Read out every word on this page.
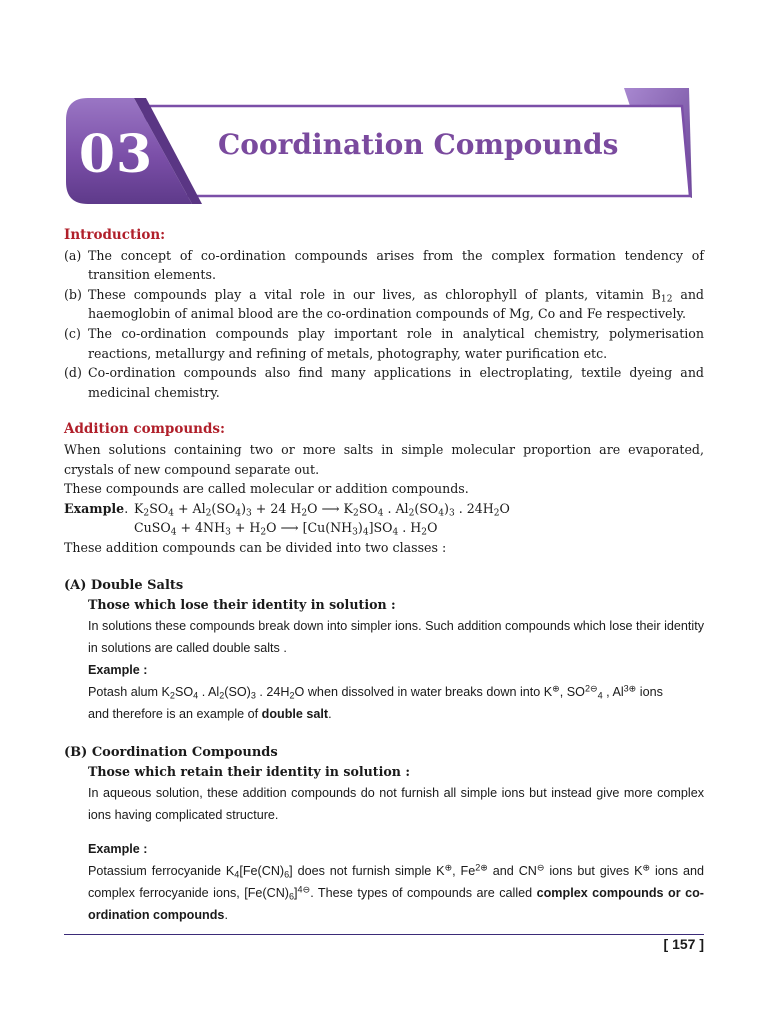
03 Coordination Compounds

Introduction:

(a) The concept of co-ordination compounds arises from the complex formation tendency of transition elements.
(b) These compounds play a vital role in our lives, as chlorophyll of plants, vitamin $B_{12}$ and haemoglobin of animal blood are the co-ordination compounds of Mg, Co and Fe respectively.
(c) The co-ordination compounds play important role in analytical chemistry, polymerisation reactions, metallurgy and refining of metals, photography, water purification etc.
(d) Co-ordination compounds also find many applications in electroplating, textile dyeing and medicinal chemistry.

Addition compounds:

When solutions containing two or more salts in simple molecular proportion are evaporated, crystals of new compound separate out.

These compounds are called molecular or addition compounds.

Example. $K_2SO_4 + Al_2(SO_4)_3 + 24$ $H_2O$ ⟶ $K_2SO_4$ . $Al_2(SO_4)_3$ . $24H_2O$
CuSO$_4$ + $4NH_3 + H_2O$ ⟶ $[Cu(NH_3)_4]SO_4$ . $H_2O$

These addition compounds can be divided into two classes :

(A) Double Salts

Those which lose their identity in solution :

In solutions these compounds break down into simpler ions. Such addition compounds which lose their identity in solutions are called double salts .

Example :

Potash alum $K_2SO_4$ . $Al_2(SO)_3$ . $24H_2O$ when dissolved in water breaks down into K⊕, $SO^{2⊖}_4$ , $Al^{3\oplus}$ ions

and therefore is an example of double salt.

(B) Coordination Compounds

Those which retain their identity in solution :

In aqueous solution, these addition compounds do not furnish all simple ions but instead give more complex ions having complicated structure.

Example :

Potassium ferrocyanide $K_4[Fe(CN)_6]$ does not furnish simple K⊕, $Fe^{2\oplus}$ and CN⊖ ions but gives K⊕ ions and complex ferrocyanide ions, $[Fe(CN)_6]^{4⊖}$. These types of compounds are called complex compounds or co-ordination compounds.

[ 157 ]
